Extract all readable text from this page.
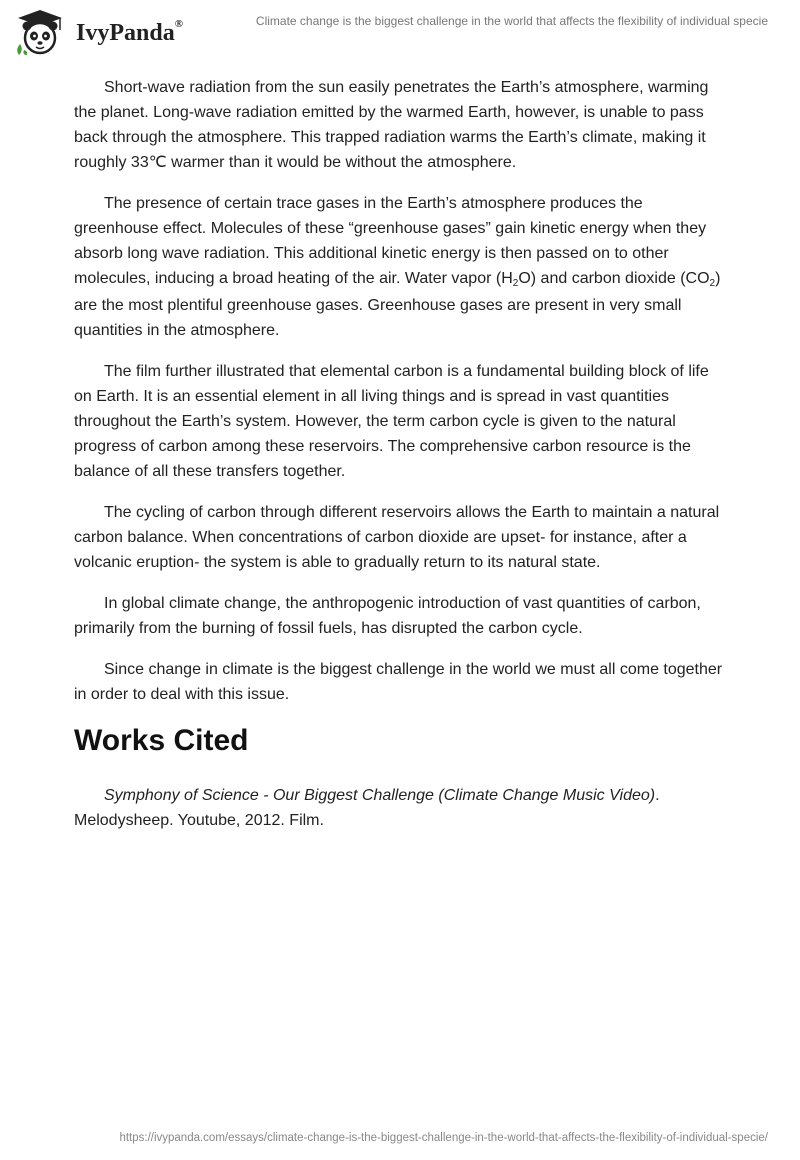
IvyPanda®	Climate change is the biggest challenge in the world that affects the flexibility of individual specie

Short-wave radiation from the sun easily penetrates the Earth’s atmosphere, warming the planet. Long-wave radiation emitted by the warmed Earth, however, is unable to pass back through the atmosphere. This trapped radiation warms the Earth’s climate, making it roughly 33℃ warmer than it would be without the atmosphere.

The presence of certain trace gases in the Earth’s atmosphere produces the greenhouse effect. Molecules of these “greenhouse gases” gain kinetic energy when they absorb long wave radiation. This additional kinetic energy is then passed on to other molecules, inducing a broad heating of the air. Water vapor $(H_2O)$ and carbon dioxide $(CO_2)$ are the most plentiful greenhouse gases. Greenhouse gases are present in very small quantities in the atmosphere.

The film further illustrated that elemental carbon is a fundamental building block of life on Earth. It is an essential element in all living things and is spread in vast quantities throughout the Earth’s system. However, the term carbon cycle is given to the natural progress of carbon among these reservoirs. The comprehensive carbon resource is the balance of all these transfers together.

The cycling of carbon through different reservoirs allows the Earth to maintain a natural carbon balance. When concentrations of carbon dioxide are upset- for instance, after a volcanic eruption- the system is able to gradually return to its natural state.

In global climate change, the anthropogenic introduction of vast quantities of carbon, primarily from the burning of fossil fuels, has disrupted the carbon cycle.

Since change in climate is the biggest challenge in the world we must all come together in order to deal with this issue.

Works Cited

Symphony of Science - Our Biggest Challenge (Climate Change Music Video). Melodysheep. Youtube, 2012. Film.

https://ivypanda.com/essays/climate-change-is-the-biggest-challenge-in-the-world-that-affects-the-flexibility-of-individual-specie/
